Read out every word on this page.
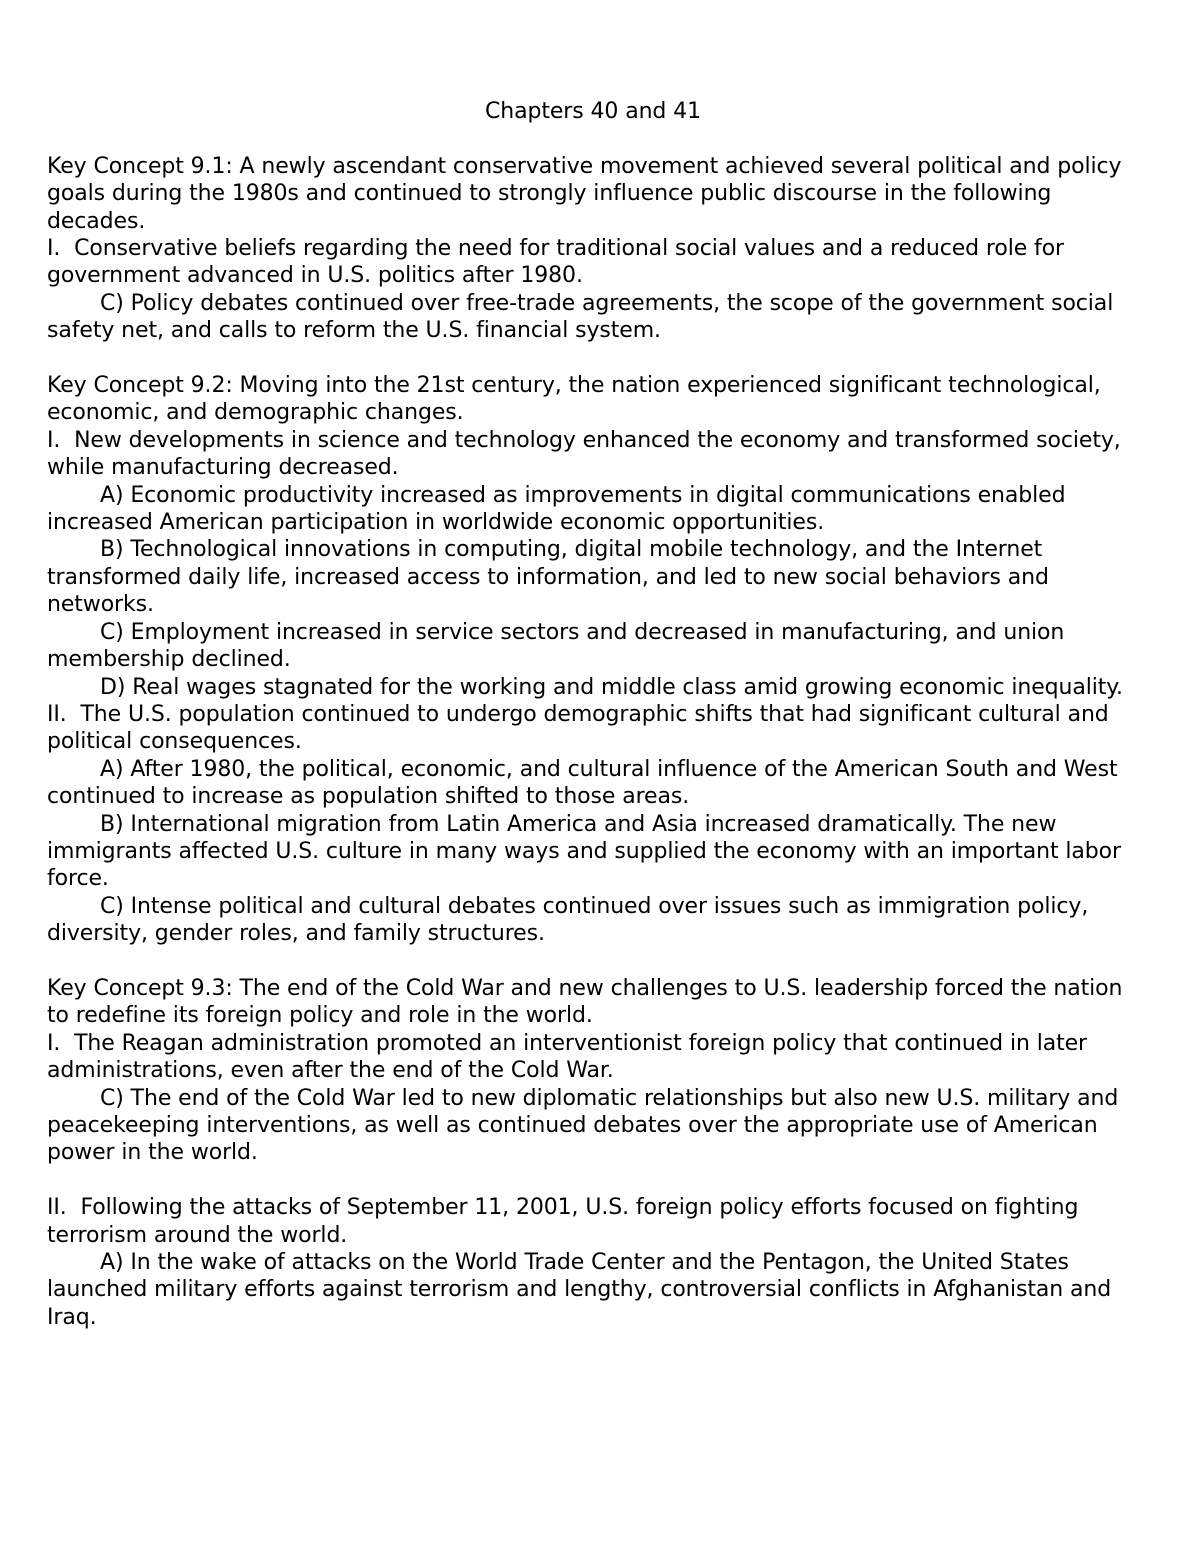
Chapters 40 and 41

Key Concept 9.1: A newly ascendant conservative movement achieved several political and policy goals during the 1980s and continued to strongly influence public discourse in the following decades.

I.  Conservative beliefs regarding the need for traditional social values and a reduced role for government advanced in U.S. politics after 1980.

C) Policy debates continued over free-trade agreements, the scope of the government social safety net, and calls to reform the U.S. financial system.

Key Concept 9.2: Moving into the 21st century, the nation experienced significant technological, economic, and demographic changes.

I.  New developments in science and technology enhanced the economy and transformed society, while manufacturing decreased.

A) Economic productivity increased as improvements in digital communications enabled increased American participation in worldwide economic opportunities.

B) Technological innovations in computing, digital mobile technology, and the Internet transformed daily life, increased access to information, and led to new social behaviors and networks.

C) Employment increased in service sectors and decreased in manufacturing, and union membership declined.

D) Real wages stagnated for the working and middle class amid growing economic inequality.

II.  The U.S. population continued to undergo demographic shifts that had significant cultural and political consequences.

A) After 1980, the political, economic, and cultural influence of the American South and West continued to increase as population shifted to those areas.

B) International migration from Latin America and Asia increased dramatically. The new immigrants affected U.S. culture in many ways and supplied the economy with an important labor force.

C) Intense political and cultural debates continued over issues such as immigration policy, diversity, gender roles, and family structures.

Key Concept 9.3: The end of the Cold War and new challenges to U.S. leadership forced the nation to redefine its foreign policy and role in the world.

I.  The Reagan administration promoted an interventionist foreign policy that continued in later administrations, even after the end of the Cold War.

C) The end of the Cold War led to new diplomatic relationships but also new U.S. military and peacekeeping interventions, as well as continued debates over the appropriate use of American power in the world.

II.  Following the attacks of September 11, 2001, U.S. foreign policy efforts focused on fighting terrorism around the world.

A) In the wake of attacks on the World Trade Center and the Pentagon, the United States launched military efforts against terrorism and lengthy, controversial conflicts in Afghanistan and Iraq.
